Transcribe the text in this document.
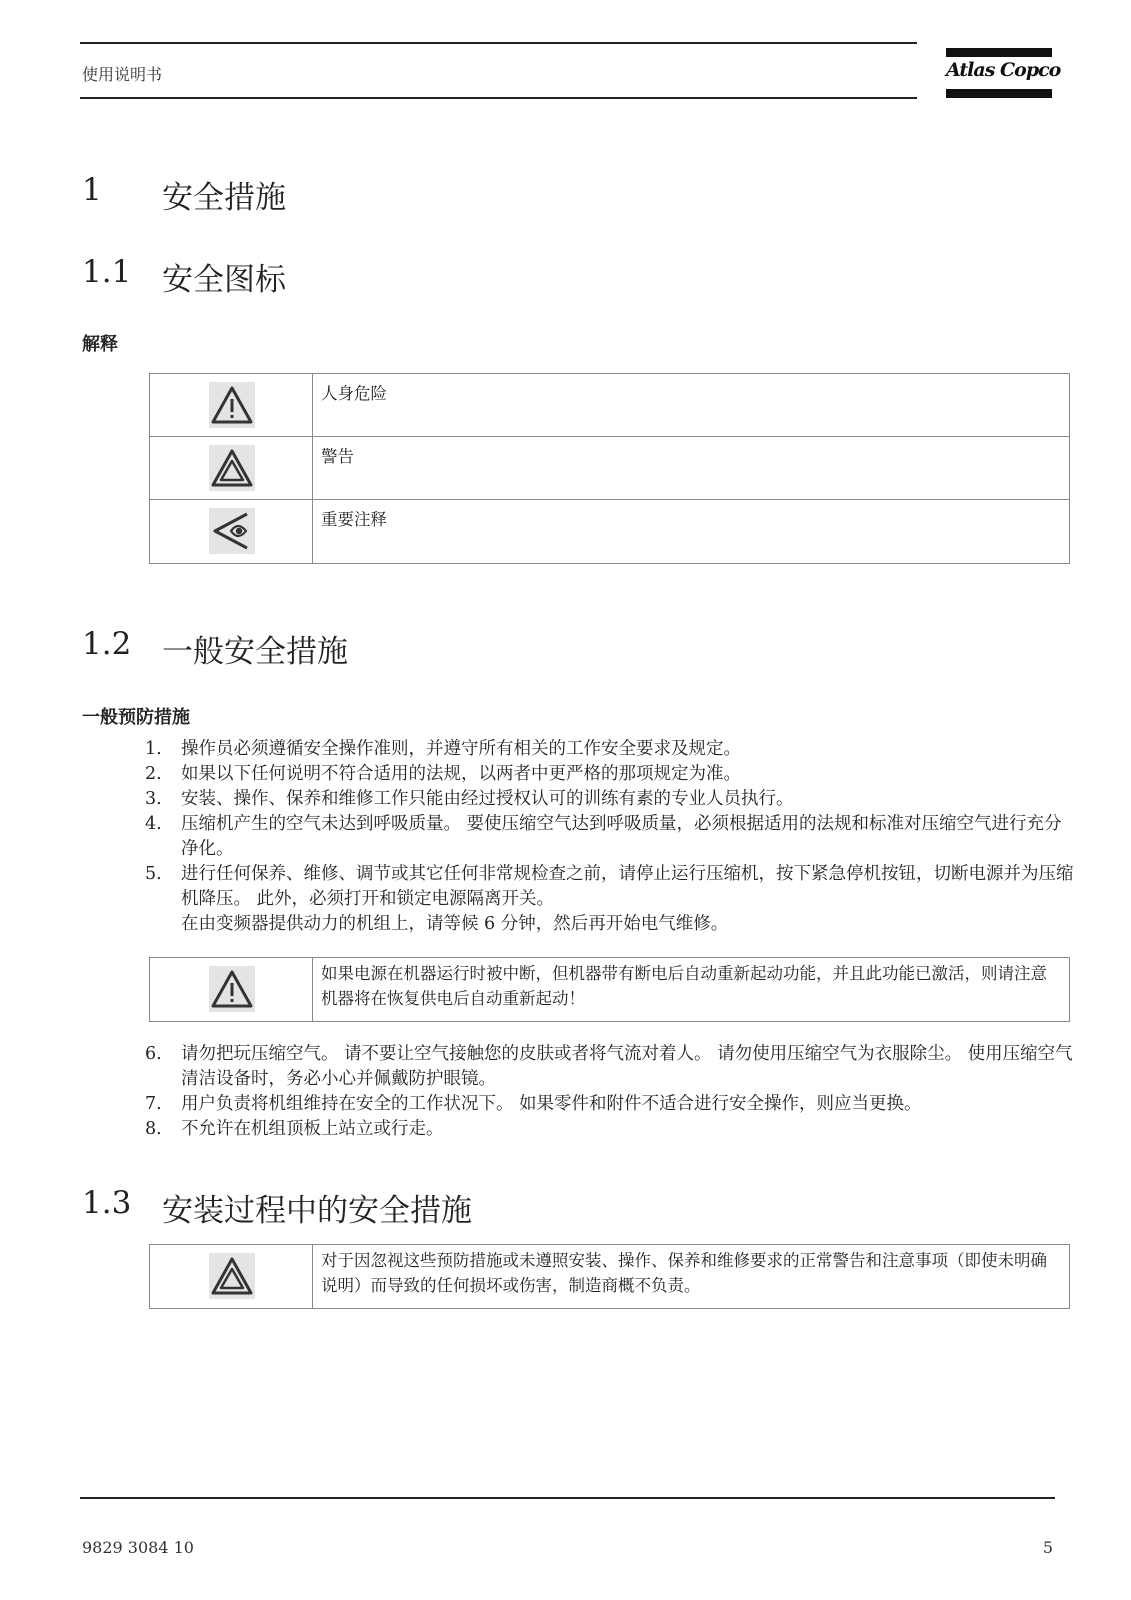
使用说明书	Atlas Copco
1 安全措施
1.1 安全图标
解释
人身危险
警告
重要注释
1.2 一般安全措施
一般预防措施
1. 操作员必须遵循安全操作准则，并遵守所有相关的工作安全要求及规定。
2. 如果以下任何说明不符合适用的法规，以两者中更严格的那项规定为准。
3. 安装、操作、保养和维修工作只能由经过授权认可的训练有素的专业人员执行。
4. 压缩机产生的空气未达到呼吸质量。 要使压缩空气达到呼吸质量，必须根据适用的法规和标准对压缩空气进行充分净化。
5. 进行任何保养、维修、调节或其它任何非常规检查之前，请停止运行压缩机，按下紧急停机按钮，切断电源并为压缩机降压。 此外，必须打开和锁定电源隔离开关。
在由变频器提供动力的机组上，请等候 6 分钟，然后再开始电气维修。
如果电源在机器运行时被中断，但机器带有断电后自动重新起动功能，并且此功能已激活，则请注意机器将在恢复供电后自动重新起动！
6. 请勿把玩压缩空气。 请不要让空气接触您的皮肤或者将气流对着人。 请勿使用压缩空气为衣服除尘。 使用压缩空气清洁设备时，务必小心并佩戴防护眼镜。
7. 用户负责将机组维持在安全的工作状况下。 如果零件和附件不适合进行安全操作，则应当更换。
8. 不允许在机组顶板上站立或行走。
1.3 安装过程中的安全措施
对于因忽视这些预防措施或未遵照安装、操作、保养和维修要求的正常警告和注意事项（即使未明确说明）而导致的任何损坏或伤害，制造商概不负责。
9829 3084 10	5
